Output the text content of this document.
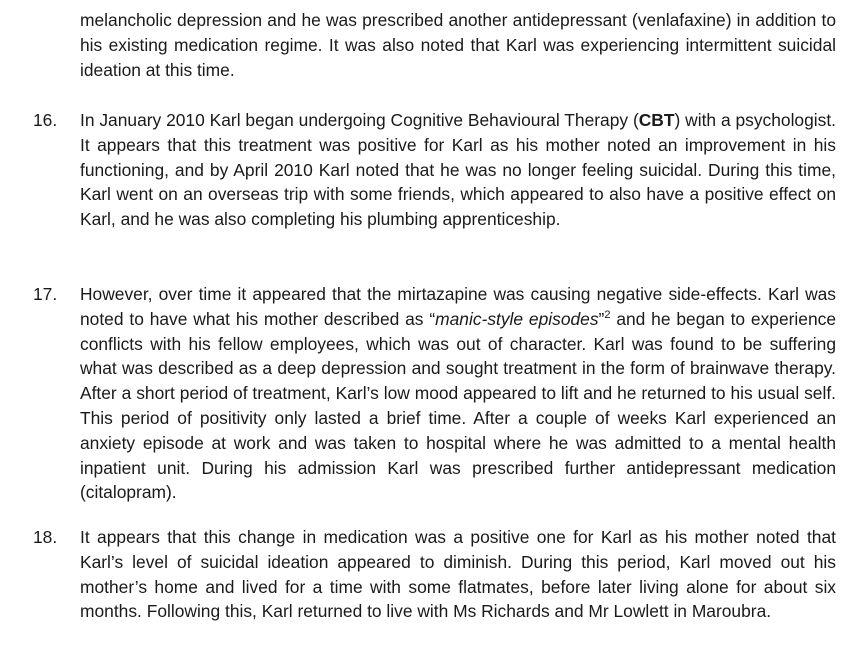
melancholic depression and he was prescribed another antidepressant (venlafaxine) in addition to his existing medication regime. It was also noted that Karl was experiencing intermittent suicidal ideation at this time.

16. In January 2010 Karl began undergoing Cognitive Behavioural Therapy (CBT) with a psychologist. It appears that this treatment was positive for Karl as his mother noted an improvement in his functioning, and by April 2010 Karl noted that he was no longer feeling suicidal. During this time, Karl went on an overseas trip with some friends, which appeared to also have a positive effect on Karl, and he was also completing his plumbing apprenticeship.

17. However, over time it appeared that the mirtazapine was causing negative side-effects. Karl was noted to have what his mother described as “manic-style episodes”$^2$ and he began to experience conflicts with his fellow employees, which was out of character. Karl was found to be suffering what was described as a deep depression and sought treatment in the form of brainwave therapy. After a short period of treatment, Karl’s low mood appeared to lift and he returned to his usual self. This period of positivity only lasted a brief time. After a couple of weeks Karl experienced an anxiety episode at work and was taken to hospital where he was admitted to a mental health inpatient unit. During his admission Karl was prescribed further antidepressant medication (citalopram).

18. It appears that this change in medication was a positive one for Karl as his mother noted that Karl’s level of suicidal ideation appeared to diminish. During this period, Karl moved out his mother’s home and lived for a time with some flatmates, before later living alone for about six months. Following this, Karl returned to live with Ms Richards and Mr Lowlett in Maroubra.
